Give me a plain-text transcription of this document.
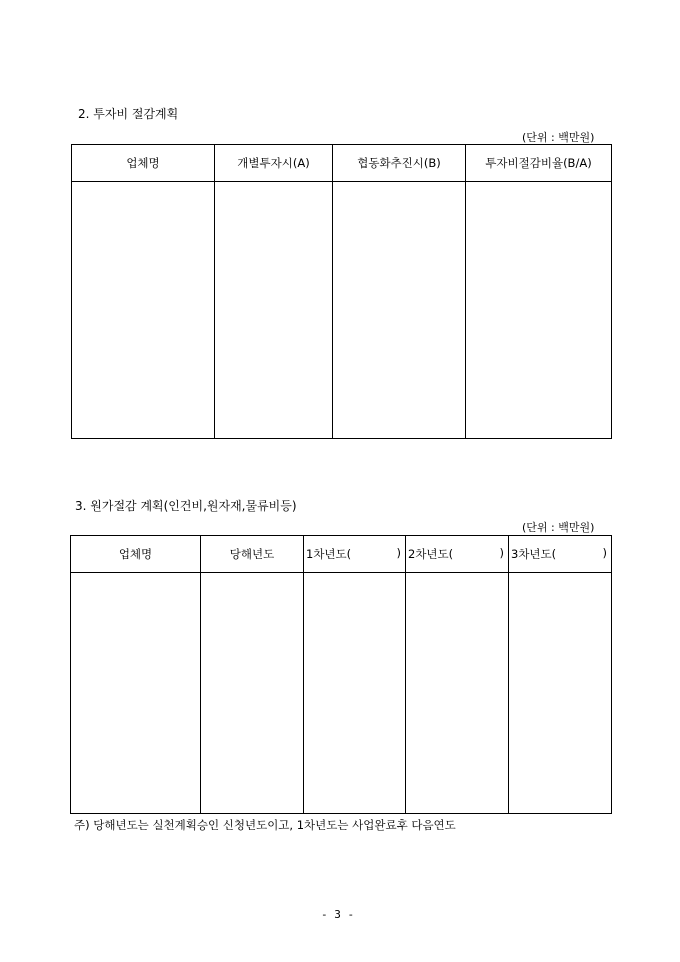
2. 투자비 절감계획
(단위 : 백만원)
업체명	개별투자시(A)	협동화추진시(B)	투자비절감비율(B/A)

3. 원가절감 계획(인건비,원자재,물류비등)
(단위 : 백만원)
업체명	당해년도	1차년도( )	2차년도( )	3차년도( )

주) 당해년도는 실천계획승인 신청년도이고, 1차년도는 사업완료후 다음연도
- 3 -
